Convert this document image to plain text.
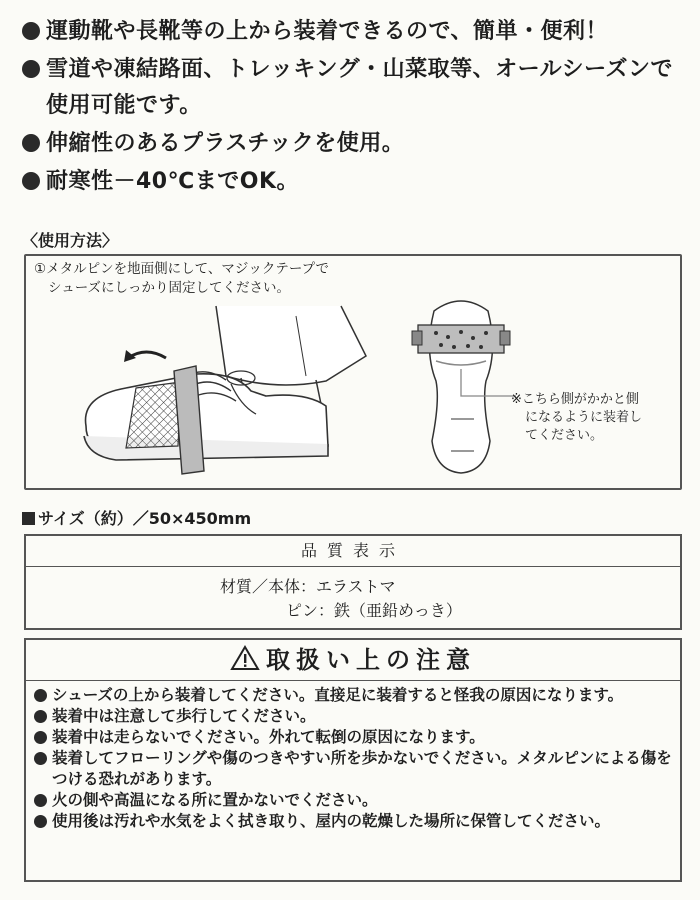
運動靴や長靴等の上から装着できるので、簡単・便利！
雪道や凍結路面、トレッキング・山菜取等、オールシーズンで使用可能です。
伸縮性のあるプラスチックを使用。
耐寒性－40℃までOK。
〈使用方法〉
①メタルピンを地面側にして、マジックテープで
シューズにしっかり固定してください。
※こちら側がかかと側
になるように装着し
てください。
サイズ（約）／50×450mm
品質表示
材質／本体：エラストマ
ピン：鉄（亜鉛めっき）
取扱い上の注意
シューズの上から装着してください。直接足に装着すると怪我の原因になります。
装着中は注意して歩行してください。
装着中は走らないでください。外れて転倒の原因になります。
装着してフローリングや傷のつきやすい所を歩かないでください。メタルピンによる傷をつける恐れがあります。
火の側や高温になる所に置かないでください。
使用後は汚れや水気をよく拭き取り、屋内の乾燥した場所に保管してください。
